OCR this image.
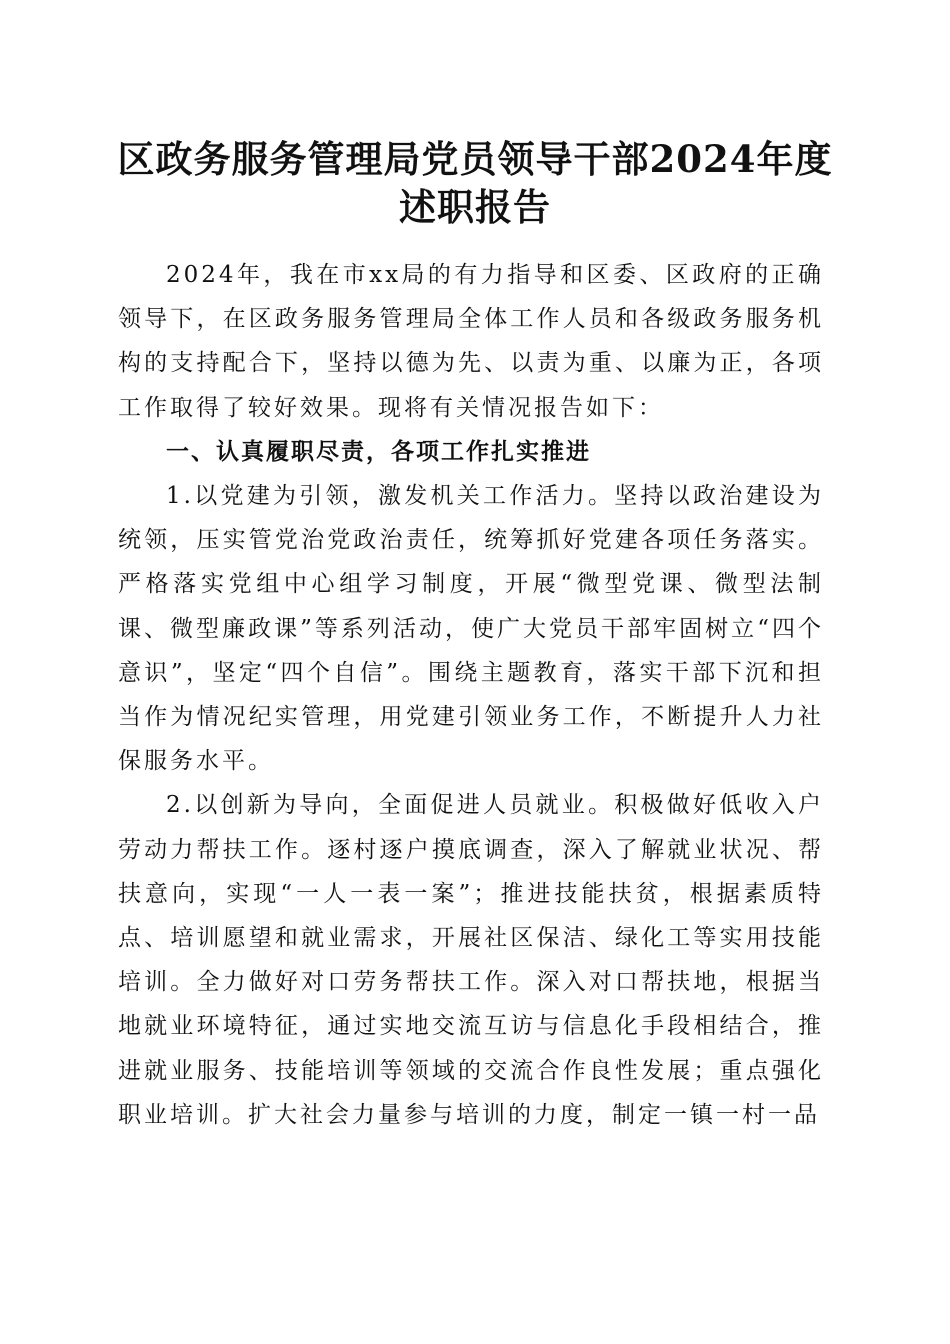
区政务服务管理局党员领导干部2024年度述职报告

2024年，我在市xx局的有力指导和区委、区政府的正确领导下，在区政务服务管理局全体工作人员和各级政务服务机构的支持配合下，坚持以德为先、以责为重、以廉为正，各项工作取得了较好效果。现将有关情况报告如下：

一、认真履职尽责，各项工作扎实推进

1.以党建为引领，激发机关工作活力。坚持以政治建设为统领，压实管党治党政治责任，统筹抓好党建各项任务落实。严格落实党组中心组学习制度，开展“微型党课、微型法制课、微型廉政课”等系列活动，使广大党员干部牢固树立“四个意识”，坚定“四个自信”。围绕主题教育，落实干部下沉和担当作为情况纪实管理，用党建引领业务工作，不断提升人力社保服务水平。

2.以创新为导向，全面促进人员就业。积极做好低收入户劳动力帮扶工作。逐村逐户摸底调查，深入了解就业状况、帮扶意向，实现“一人一表一案”；推进技能扶贫，根据素质特点、培训愿望和就业需求，开展社区保洁、绿化工等实用技能培训。全力做好对口劳务帮扶工作。深入对口帮扶地，根据当地就业环境特征，通过实地交流互访与信息化手段相结合，推进就业服务、技能培训等领域的交流合作良性发展；重点强化职业培训。扩大社会力量参与培训的力度，制定一镇一村一品
